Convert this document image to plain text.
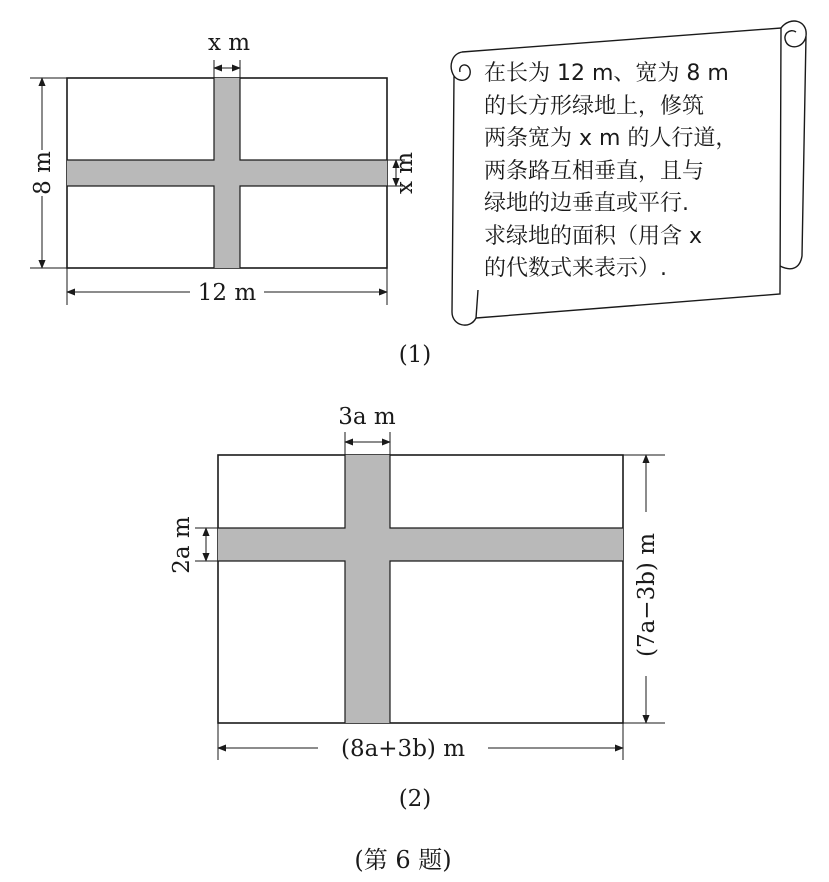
x m
8 m	x m
12 m
(1)
3a m
2a m	(7a−3b) m
(8a+3b) m
(2)
(第 6 题)
在长为 12 m、宽为 8 m
的长方形绿地上，修筑
两条宽为 x m 的人行道，
两条路互相垂直，且与
绿地的边垂直或平行.
求绿地的面积（用含 x
的代数式来表示）.
